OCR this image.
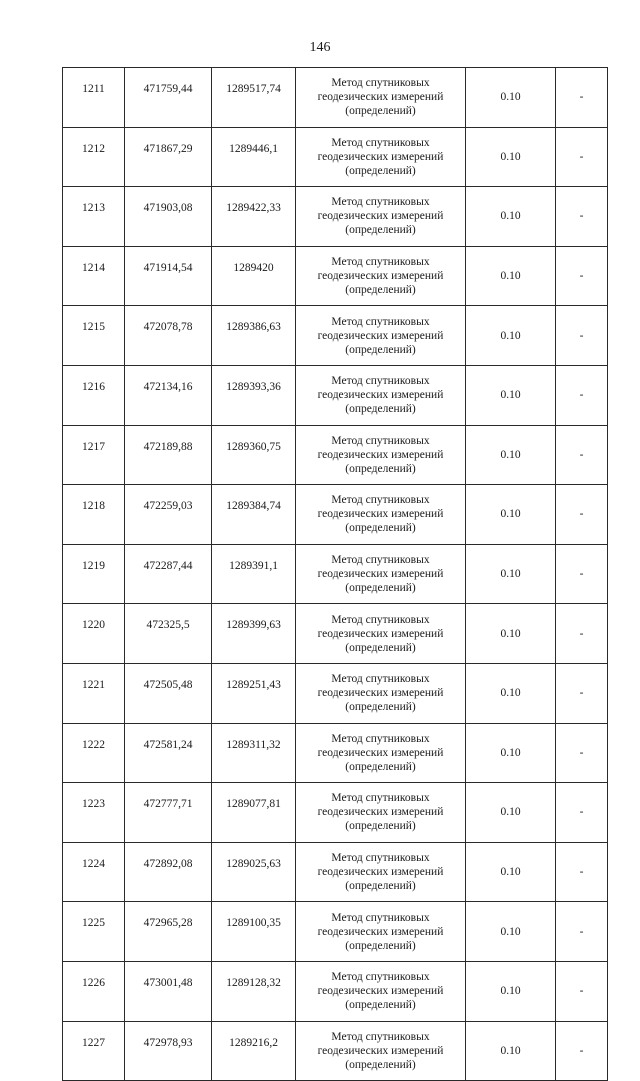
146
1211	471759,44	1289517,74	Метод спутниковых геодезических измерений (определений)	0.10	-
1212	471867,29	1289446,1	Метод спутниковых геодезических измерений (определений)	0.10	-
1213	471903,08	1289422,33	Метод спутниковых геодезических измерений (определений)	0.10	-
1214	471914,54	1289420	Метод спутниковых геодезических измерений (определений)	0.10	-
1215	472078,78	1289386,63	Метод спутниковых геодезических измерений (определений)	0.10	-
1216	472134,16	1289393,36	Метод спутниковых геодезических измерений (определений)	0.10	-
1217	472189,88	1289360,75	Метод спутниковых геодезических измерений (определений)	0.10	-
1218	472259,03	1289384,74	Метод спутниковых геодезических измерений (определений)	0.10	-
1219	472287,44	1289391,1	Метод спутниковых геодезических измерений (определений)	0.10	-
1220	472325,5	1289399,63	Метод спутниковых геодезических измерений (определений)	0.10	-
1221	472505,48	1289251,43	Метод спутниковых геодезических измерений (определений)	0.10	-
1222	472581,24	1289311,32	Метод спутниковых геодезических измерений (определений)	0.10	-
1223	472777,71	1289077,81	Метод спутниковых геодезических измерений (определений)	0.10	-
1224	472892,08	1289025,63	Метод спутниковых геодезических измерений (определений)	0.10	-
1225	472965,28	1289100,35	Метод спутниковых геодезических измерений (определений)	0.10	-
1226	473001,48	1289128,32	Метод спутниковых геодезических измерений (определений)	0.10	-
1227	472978,93	1289216,2	Метод спутниковых геодезических измерений (определений)	0.10	-
